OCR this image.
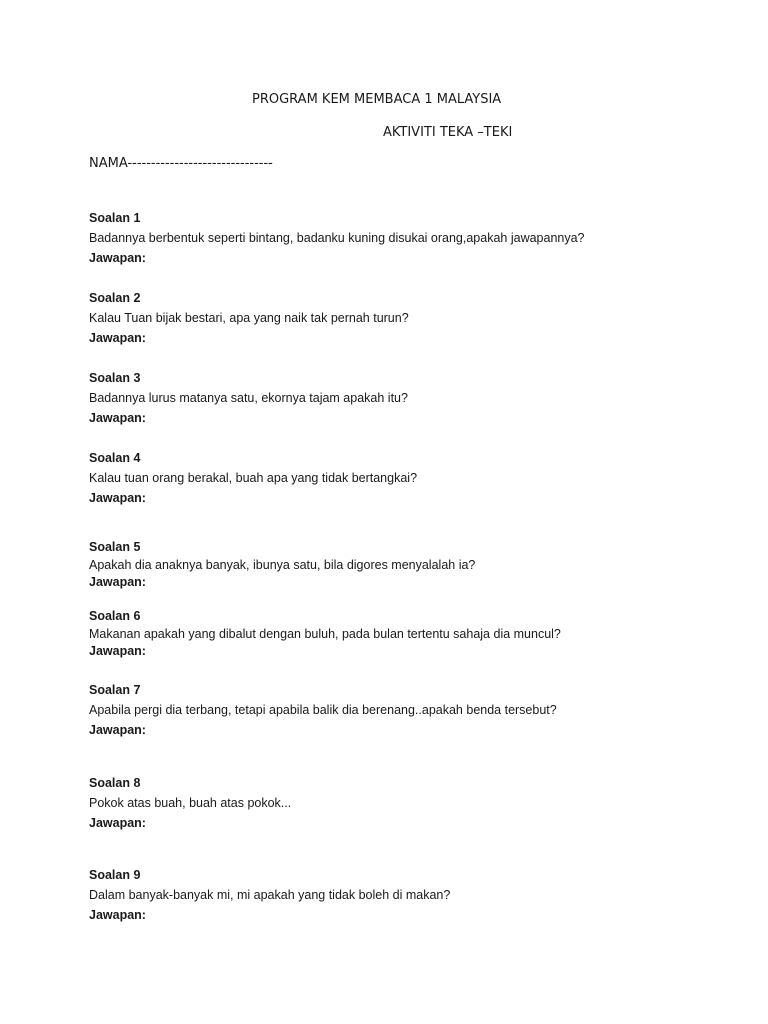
PROGRAM KEM MEMBACA 1 MALAYSIA
AKTIVITI TEKA –TEKI
NAMA-------------------------------
Soalan 1
Badannya berbentuk seperti bintang, badanku kuning disukai orang,apakah jawapannya?
Jawapan:
Soalan 2
Kalau Tuan bijak bestari, apa yang naik tak pernah turun?
Jawapan:
Soalan 3
Badannya lurus matanya satu, ekornya tajam apakah itu?
Jawapan:
Soalan 4
Kalau tuan orang berakal, buah apa yang tidak bertangkai?
Jawapan:
Soalan 5
Apakah dia anaknya banyak, ibunya satu, bila digores menyalalah ia?
Jawapan:
Soalan 6
Makanan apakah yang dibalut dengan buluh, pada bulan tertentu sahaja dia muncul?
Jawapan:
Soalan 7
Apabila pergi dia terbang, tetapi apabila balik dia berenang..apakah benda tersebut?
Jawapan:
Soalan 8
Pokok atas buah, buah atas pokok...
Jawapan:
Soalan 9
Dalam banyak-banyak mi, mi apakah yang tidak boleh di makan?
Jawapan:
